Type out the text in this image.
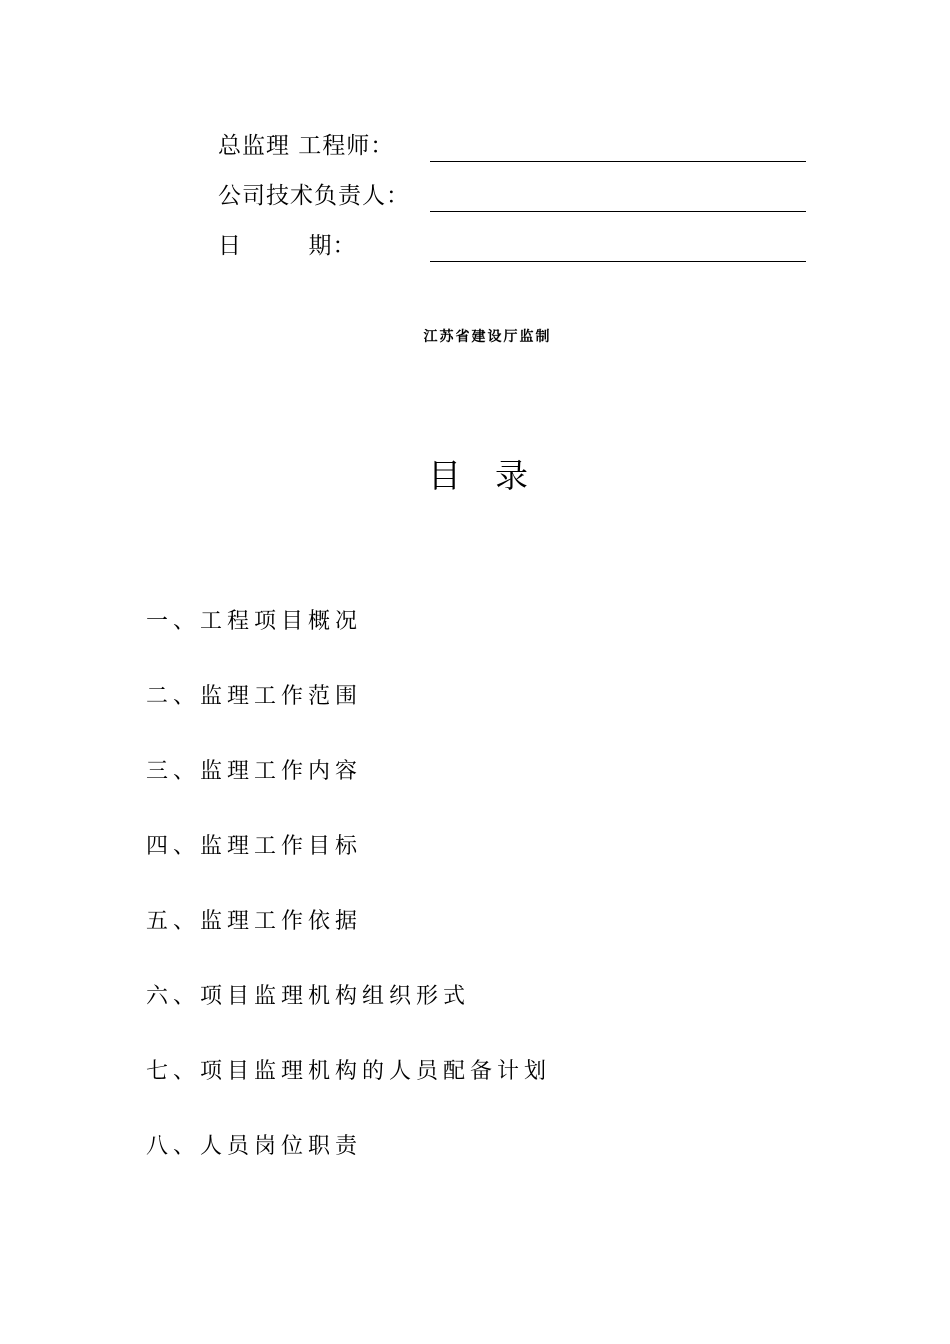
总监理 工程师：
公司技术负责人：
日        期：
江苏省建设厅监制
目录
一、工程项目概况
二、监理工作范围
三、监理工作内容
四、监理工作目标
五、监理工作依据
六、项目监理机构组织形式
七、项目监理机构的人员配备计划
八、人员岗位职责
